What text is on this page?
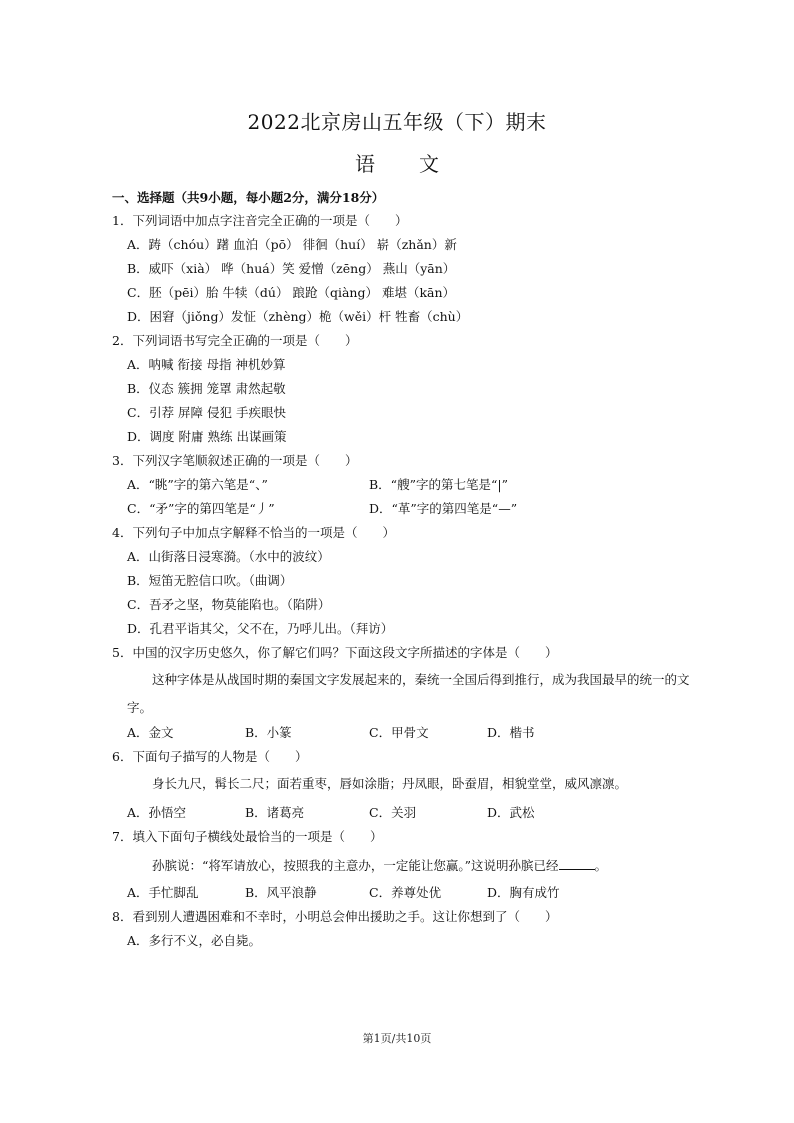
2022北京房山五年级（下）期末
语 文
一、选择题（共9小题，每小题2分，满分18分）
1．下列词语中加点字注音完全正确的一项是（　　）
A．踌（chóu）躇 血泊（pō） 徘徊（huí） 崭（zhǎn）新
B．威吓（xià） 哗（huá）笑 爱憎（zēng） 燕山（yān）
C．胚（pēi）胎 牛犊（dú） 踉跄（qiàng） 难堪（kān）
D．困窘（jiǒng）发怔（zhèng）桅（wěi）杆 牲畜（chù）
2．下列词语书写完全正确的一项是（　　）
A．呐喊 衔接 母指 神机妙算
B．仪态 簇拥 笼罩 肃然起敬
C．引荐 屏障 侵犯 手疾眼快
D．调度 附庸 熟练 出谋画策
3．下列汉字笔顺叙述正确的一项是（　　）
A．“眺”字的第六笔是“、”	B．“艘”字的第七笔是“|”
C．“矛”字的第四笔是“丿”	D．“革”字的第四笔是“—”
4．下列句子中加点字解释不恰当的一项是（　　）
A．山街落日浸寒漪。（水中的波纹）
B．短笛无腔信口吹。（曲调）
C．吾矛之坚，物莫能陷也。（陷阱）
D．孔君平诣其父，父不在，乃呼儿出。（拜访）
5．中国的汉字历史悠久，你了解它们吗？下面这段文字所描述的字体是（　　）
这种字体是从战国时期的秦国文字发展起来的，秦统一全国后得到推行，成为我国最早的统一的文
字。
A．金文	B．小篆	C．甲骨文	D．楷书
6．下面句子描写的人物是（　　）
身长九尺，髯长二尺；面若重枣，唇如涂脂；丹凤眼，卧蚕眉，相貌堂堂，威风凛凛。
A．孙悟空	B．诸葛亮	C．关羽	D．武松
7．填入下面句子横线处最恰当的一项是（　　）
孙膑说：“将军请放心，按照我的主意办，一定能让您赢。”这说明孙膑已经	。
A．手忙脚乱	B．风平浪静	C．养尊处优	D．胸有成竹
8．看到别人遭遇困难和不幸时，小明总会伸出援助之手。这让你想到了（　　）
A．多行不义，必自毙。
第1页/共10页
